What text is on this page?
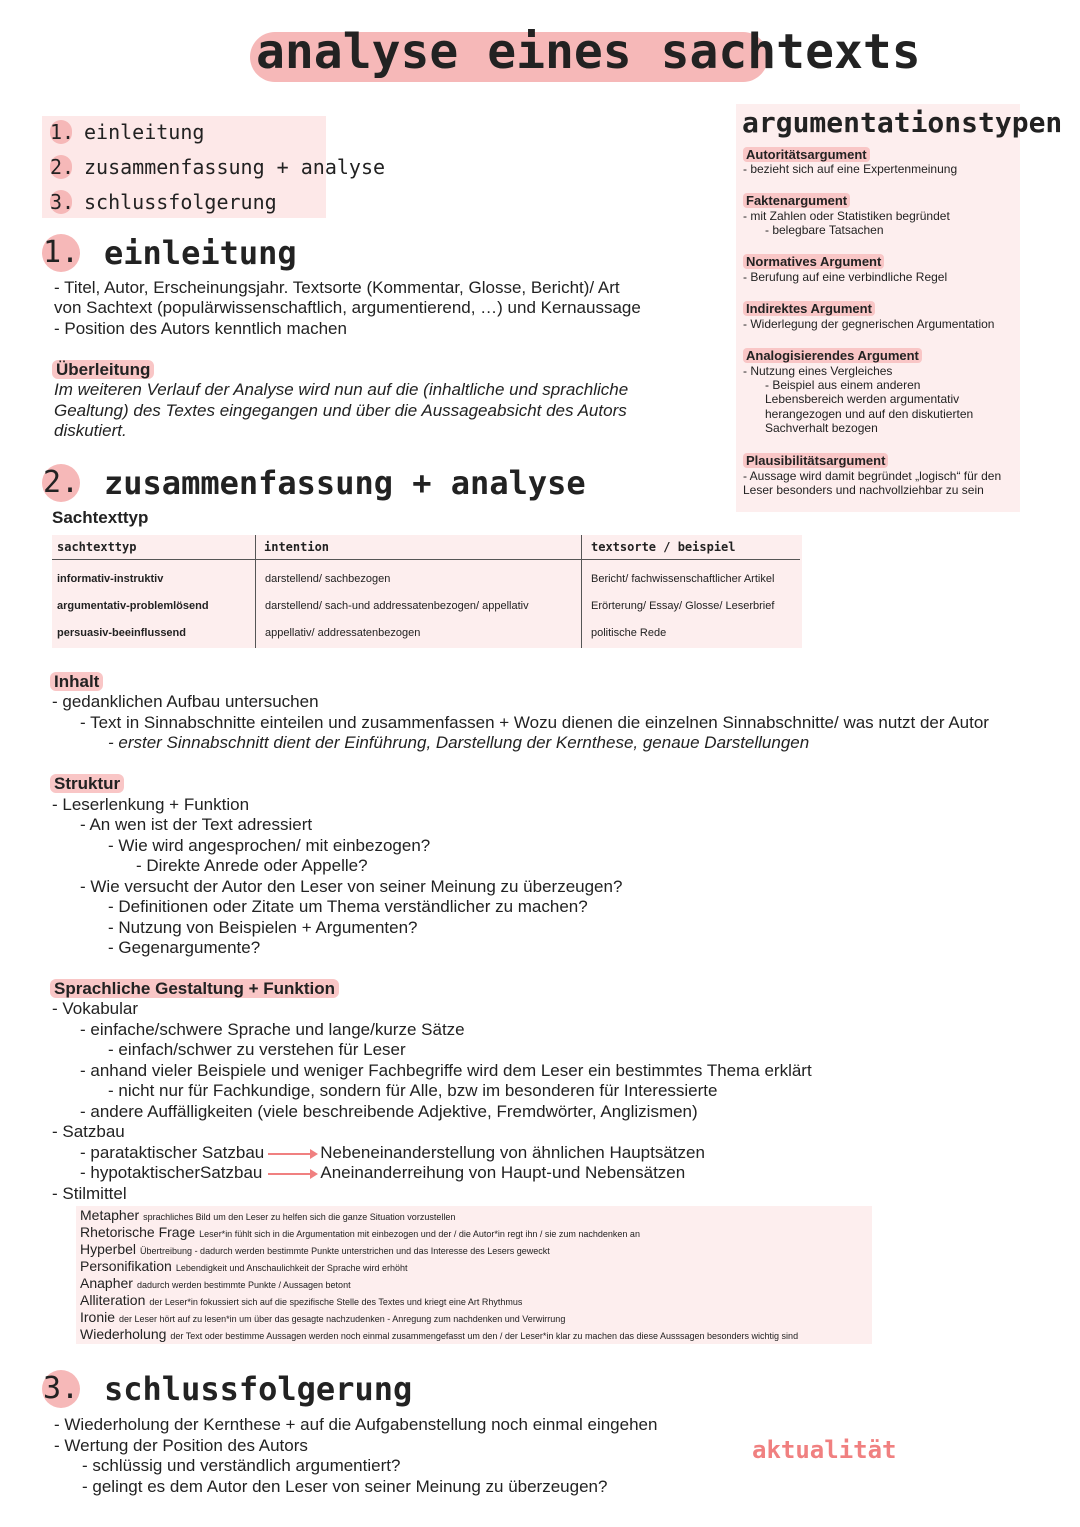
analyse eines sachtexts
1. einleitung
2. zusammenfassung + analyse
3. schlussfolgerung
1. einleitung
- Titel, Autor, Erscheinungsjahr. Textsorte (Kommentar, Glosse, Bericht)/ Art
von Sachtext (populärwissenschaftlich, argumentierend, …) und Kernaussage
- Position des Autors kenntlich machen
Überleitung
Im weiteren Verlauf der Analyse wird nun auf die (inhaltliche und sprachliche
Gealtung) des Textes eingegangen und über die Aussageabsicht des Autors
diskutiert.
Autoritätsargument
- bezieht sich auf eine Expertenmeinung
Faktenargument
- mit Zahlen oder Statistiken begründet
- belegbare Tatsachen
Normatives Argument
- Berufung auf eine verbindliche Regel
Indirektes Argument
- Widerlegung der gegnerischen Argumentation
Analogisierendes Argument
- Nutzung eines Vergleiches
- Beispiel aus einem anderen
Lebensbereich werden argumentativ
herangezogen und auf den diskutierten
Sachverhalt bezogen
Plausibilitätsargument
- Aussage wird damit begründet „logisch“ für den
Leser besonders und nachvollziehbar zu sein
argumentationstypen
2. zusammenfassung + analyse
Sachtexttyp
sachtexttyp	intention	textsorte / beispiel
informativ-instruktiv	darstellend/ sachbezogen	Bericht/ fachwissenschaftlicher Artikel
argumentativ-problemlösend	darstellend/ sach-und addressatenbezogen/ appellativ	Erörterung/ Essay/ Glosse/ Leserbrief
persuasiv-beeinflussend	appellativ/ addressatenbezogen	politische Rede
Inhalt
- gedanklichen Aufbau untersuchen
- Text in Sinnabschnitte einteilen und zusammenfassen + Wozu dienen die einzelnen Sinnabschnitte/ was nutzt der Autor
- erster Sinnabschnitt dient der Einführung, Darstellung der Kernthese, genaue Darstellungen
Struktur
- Leserlenkung + Funktion
- An wen ist der Text adressiert
- Wie wird angesprochen/ mit einbezogen?
- Direkte Anrede oder Appelle?
- Wie versucht der Autor den Leser von seiner Meinung zu überzeugen?
- Definitionen oder Zitate um Thema verständlicher zu machen?
- Nutzung von Beispielen + Argumenten?
- Gegenargumente?
Sprachliche Gestaltung + Funktion
- Vokabular
- einfache/schwere Sprache und lange/kurze Sätze
- einfach/schwer zu verstehen für Leser
- anhand vieler Beispiele und weniger Fachbegriffe wird dem Leser ein bestimmtes Thema erklärt
- nicht nur für Fachkundige, sondern für Alle, bzw im besonderen für Interessierte
- andere Auffälligkeiten (viele beschreibende Adjektive, Fremdwörter, Anglizismen)
- Satzbau
- parataktischer Satzbau	Nebeneinanderstellung von ähnlichen Hauptsätzen
- hypotaktischerSatzbau	Aneinanderreihung von Haupt-und Nebensätzen
- Stilmittel
Metapher sprachliches Bild um den Leser zu helfen sich die ganze Situation vorzustellen
Rhetorische Frage Leser*in fühlt sich in die Argumentation mit einbezogen und der / die Autor*in regt ihn / sie zum nachdenken an
Hyperbel Übertreibung - dadurch werden bestimmte Punkte unterstrichen und das Interesse des Lesers geweckt
Personifikation Lebendigkeit und Anschaulichkeit der Sprache wird erhöht
Anapher dadurch werden bestimmte Punkte / Aussagen betont
Alliteration der Leser*in fokussiert sich auf die spezifische Stelle des Textes und kriegt eine Art Rhythmus
Ironie der Leser hört auf zu lesen*in um über das gesagte nachzudenken - Anregung zum nachdenken und Verwirrung
Wiederholung der Text oder bestimme Aussagen werden noch einmal zusammengefasst um den / der Leser*in klar zu machen das diese Ausssagen besonders wichtig sind
3. schlussfolgerung
- Wiederholung der Kernthese + auf die Aufgabenstellung noch einmal eingehen
- Wertung der Position des Autors
- schlüssig und verständlich argumentiert?
- gelingt es dem Autor den Leser von seiner Meinung zu überzeugen?
aktualität
